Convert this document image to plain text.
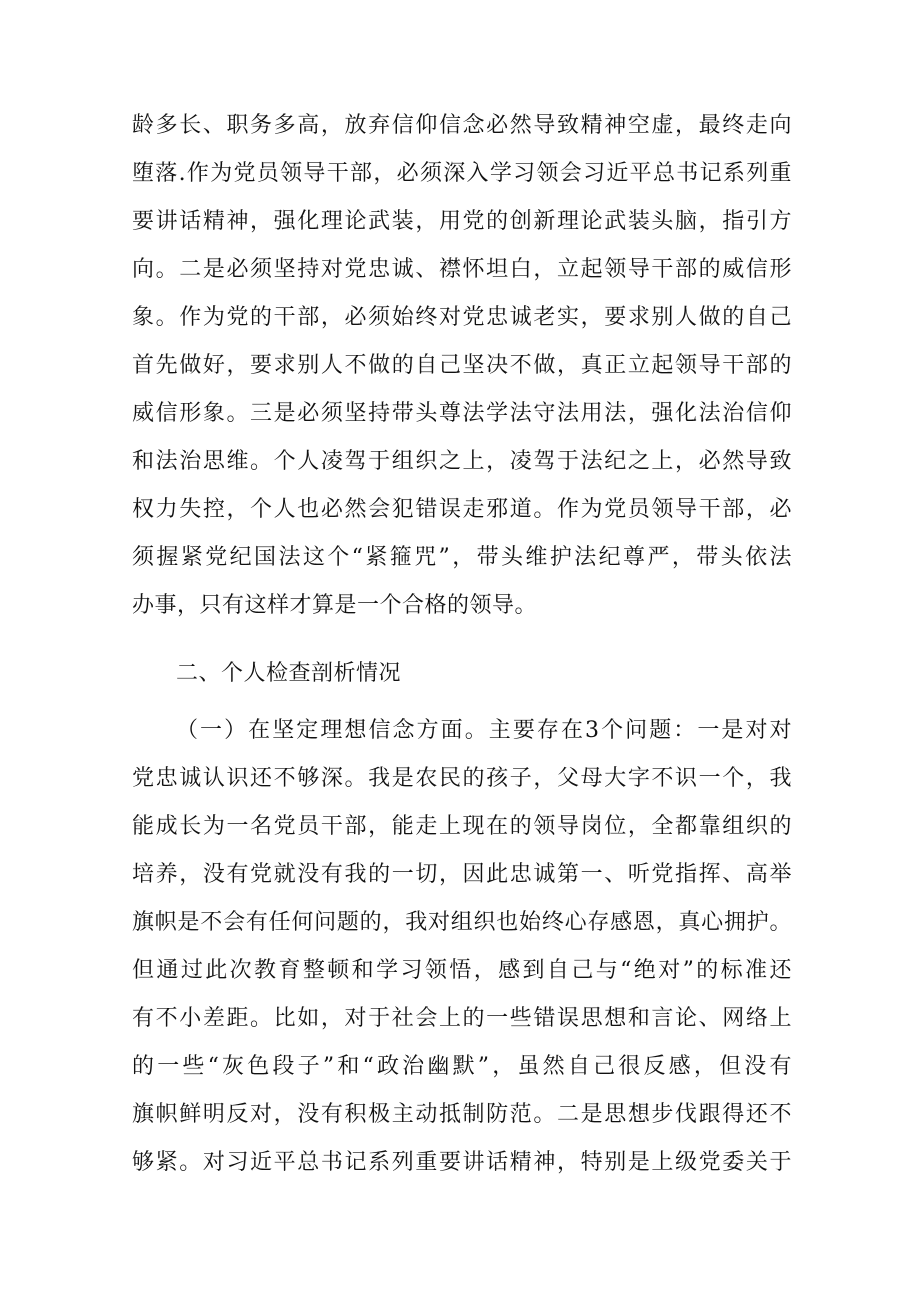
龄多长、职务多高，放弃信仰信念必然导致精神空虚，最终走向
堕落.作为党员领导干部，必须深入学习领会习近平总书记系列重
要讲话精神，强化理论武装，用党的创新理论武装头脑，指引方
向。二是必须坚持对党忠诚、襟怀坦白，立起领导干部的威信形
象。作为党的干部，必须始终对党忠诚老实，要求别人做的自己
首先做好，要求别人不做的自己坚决不做，真正立起领导干部的
威信形象。三是必须坚持带头尊法学法守法用法，强化法治信仰
和法治思维。个人凌驾于组织之上，凌驾于法纪之上，必然导致
权力失控，个人也必然会犯错误走邪道。作为党员领导干部，必
须握紧党纪国法这个“紧箍咒”，带头维护法纪尊严，带头依法
办事，只有这样才算是一个合格的领导。
二、个人检查剖析情况
（一）在坚定理想信念方面。主要存在3个问题：一是对对
党忠诚认识还不够深。我是农民的孩子，父母大字不识一个，我
能成长为一名党员干部，能走上现在的领导岗位，全都靠组织的
培养，没有党就没有我的一切，因此忠诚第一、听党指挥、高举
旗帜是不会有任何问题的，我对组织也始终心存感恩，真心拥护。
但通过此次教育整顿和学习领悟，感到自己与“绝对”的标准还
有不小差距。比如，对于社会上的一些错误思想和言论、网络上
的一些“灰色段子”和“政治幽默”，虽然自己很反感，但没有
旗帜鲜明反对，没有积极主动抵制防范。二是思想步伐跟得还不
够紧。对习近平总书记系列重要讲话精神，特别是上级党委关于
